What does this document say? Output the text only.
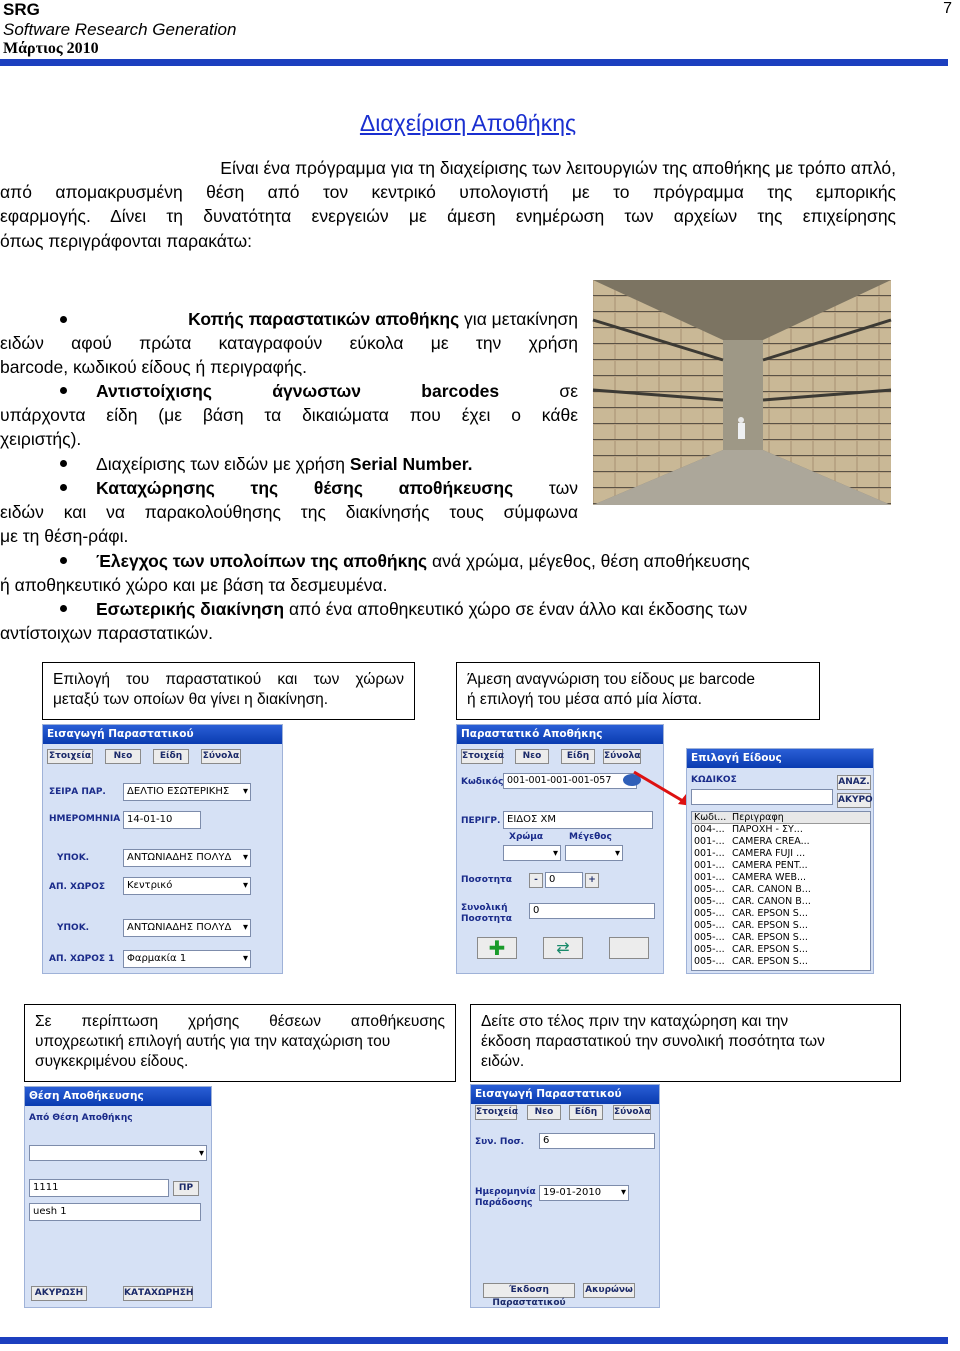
SRG
Software Research Generation
Μάρτιος 2010
7
Διαχείριση Αποθήκης
Είναι ένα πρόγραμμα για τη διαχείρισης των λειτουργιών της αποθήκης με τρόπο απλό,
από απομακρυσμένη θέση από τον κεντρικό υπολογιστή με το πρόγραμμα της εμπορικής
εφαρμογής. Δίνει τη δυνατότητα ενεργειών με άμεση ενημέρωση των αρχείων της επιχείρησης
όπως περιγράφονται παρακάτω:
Κοπής παραστατικών αποθήκης για μετακίνηση
ειδών αφού πρώτα καταγραφούν εύκολα με την χρήση
barcode, κωδικού είδους ή περιγραφής.
Αντιστοίχισης άγνωστων barcodes σε
υπάρχοντα είδη (με βάση τα δικαιώματα που έχει ο κάθε
χειριστής).
Διαχείρισης των ειδών με χρήση Serial Number.
Καταχώρησης της θέσης αποθήκευσης των
ειδών και να παρακολούθησης της διακίνησής τους σύμφωνα
με τη θέση-ράφι.
Έλεγχος των υπολοίπων της αποθήκης ανά χρώμα, μέγεθος, θέση αποθήκευσης
ή αποθηκευτικό χώρο και με βάση τα δεσμευμένα.
Εσωτερικής διακίνηση από ένα αποθηκευτικό χώρο σε έναν άλλο και έκδοσης των
αντίστοιχων παραστατικών.
Επιλογή του παραστατικού και των χώρων
μεταξύ των οποίων θα γίνει η διακίνηση.
Άμεση αναγνώριση του είδους με barcode
ή επιλογή του μέσα από μία λίστα.
Εισαγωγή Παραστατικού
Στοιχεία	Νεο	Είδη	Σύνολα
ΣΕΙΡΑ ΠΑΡ.	ΔΕΛΤΙΟ ΕΣΩΤΕΡΙΚΗΣ ▾
ΗΜΕΡΟΜΗΝΙΑ 14-01-10
ΥΠΟΚ.	ΑΝΤΩΝΙΑΔΗΣ ΠΟΛΥΔ ▾
ΑΠ. ΧΩΡΟΣ	Κεντρικό ▾
ΥΠΟΚ.	ΑΝΤΩΝΙΑΔΗΣ ΠΟΛΥΔ ▾
ΑΠ. ΧΩΡΟΣ 1	Φαρμακία 1 ▾
Παραστατικό Αποθήκης
Στοιχεία	Νεο	Είδη	Σύνολα
Κωδικός 001-001-001-001-057
ΠΕΡΙΓΡ. ΕΙΔΟΣ ΧΜ
Χρώμα	Μέγεθος
▾
▾
Ποσοτητα	-	0	+
Συνολική Ποσοτητα
0
✚	⇄
Επιλογή Είδους
ΚΩΔΙΚΟΣ	ΑΝΑΖ.
ΑΚΥΡΟ
Κωδι... Περιγραφη
004-... ΠΑΡΟΧΗ - ΣΥ...
001-... CAMERA CREA...
001-... CAMERA FUJI ...
001-... CAMERA PENT...
001-... CAMERA WEB...
005-... CAR. CANON B...
005-... CAR. CANON B...
005-... CAR. EPSON S...
005-... CAR. EPSON S...
005-... CAR. EPSON S...
005-... CAR. EPSON S...
005-... CAR. EPSON S...
Σε περίπτωση χρήσης θέσεων αποθήκευσης
υποχρεωτική επιλογή αυτής για την καταχώριση του
συγκεκριμένου είδους.
Δείτε στο τέλος πριν την καταχώρηση και την
έκδοση παραστατικού την συνολική ποσότητα των
ειδών.
Θέση Αποθήκευσης
Από Θέση Αποθήκης
▾
1111	ΠΡ
uesh 1
ΑΚΥΡΩΣΗ	ΚΑΤΑΧΩΡΗΣΗ
Εισαγωγή Παραστατικού
Στοιχεία	Νεο	Είδη	Σύνολα
Συν. Ποσ.	6
Ημερομηνία Παράδοσης
19-01-2010 ▾
Έκδοση Παραστατικού
Ακυρώνω
